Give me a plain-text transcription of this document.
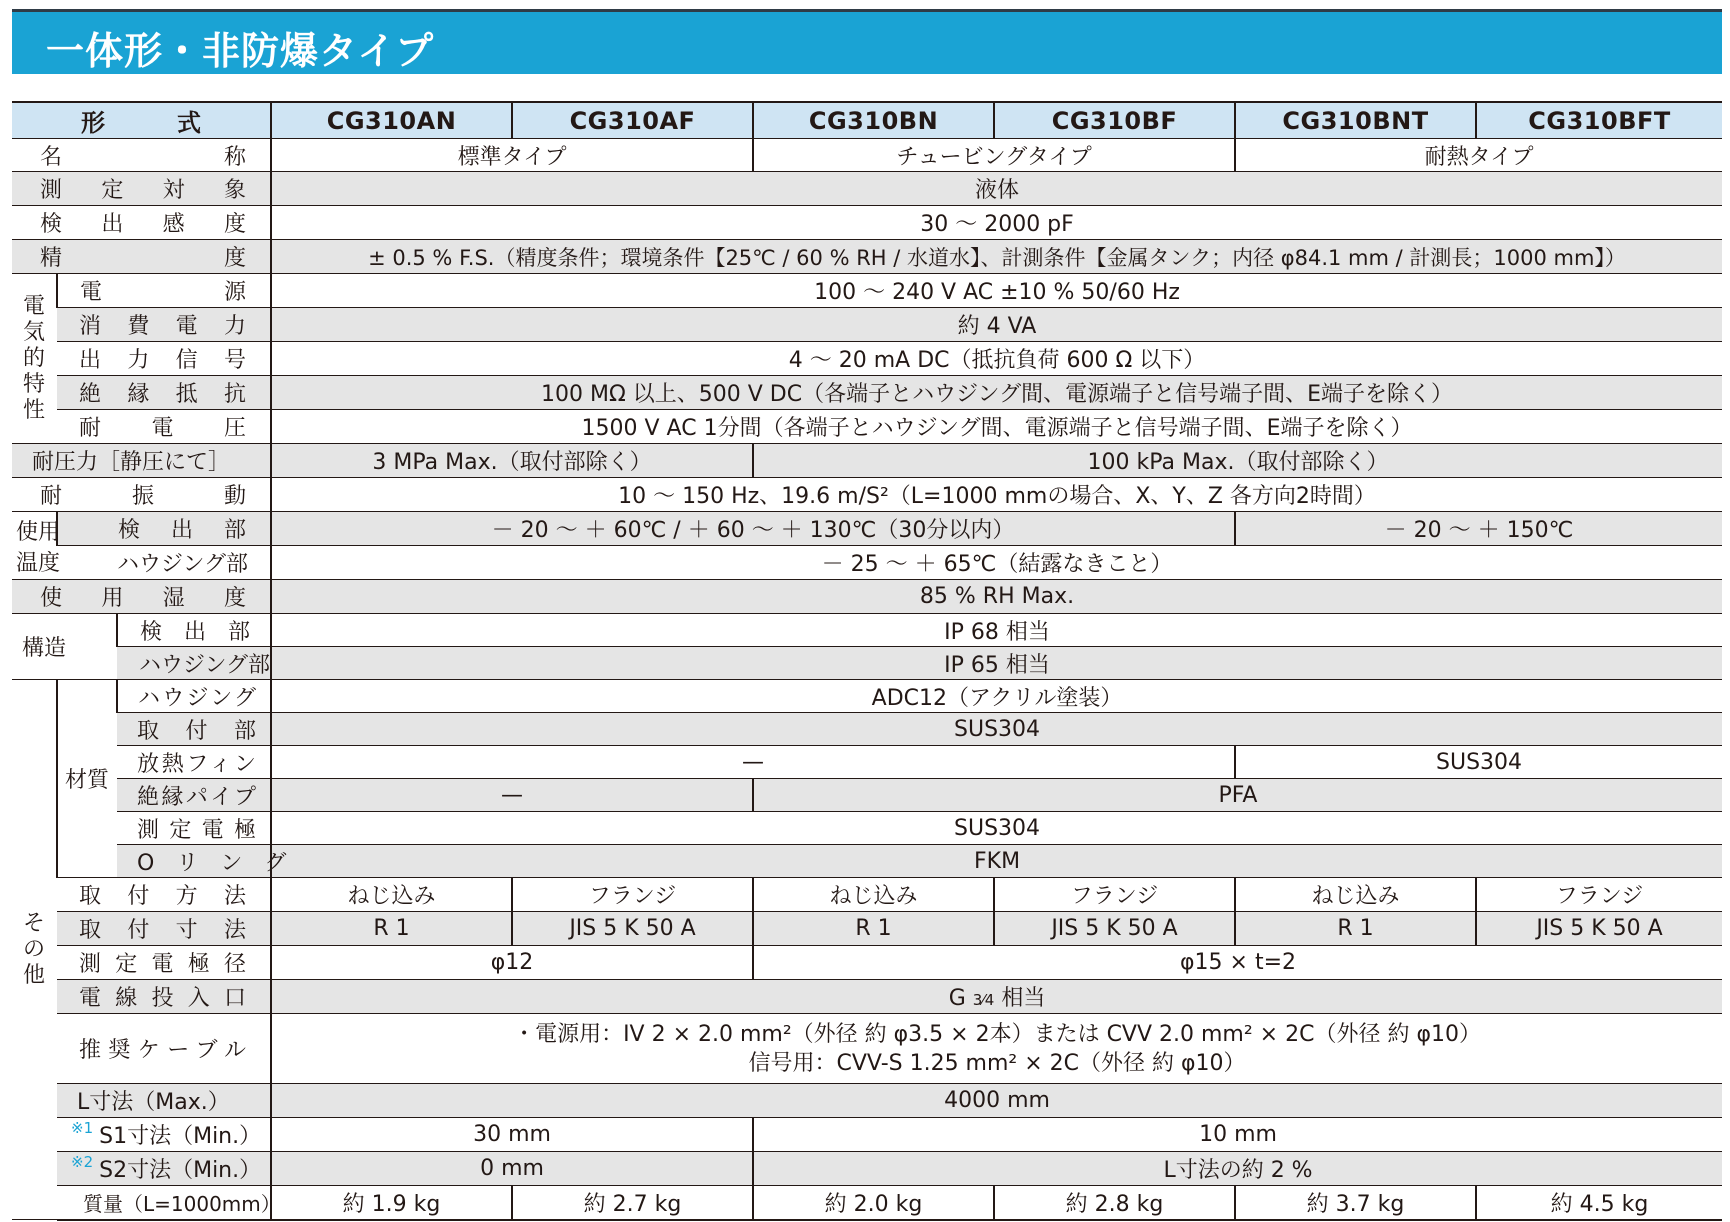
一体形・非防爆タイプ
形　　　式			CG310AN	CG310AF	CG310BN	CG310BF	CG310BNT	CG310BFT
名　　　　称			標準タイプ		チュービングタイプ		耐熱タイプ	
測　定　対　象			液体					
検　出　感　度			30 ～ 2000 pF					
精　　　　度			± 0.5 % F.S.（精度条件；環境条件【25℃ / 60 % RH / 水道水】、計測条件【金属タンク；内径 φ84.1 mm / 計測長；1000 mm】）					
電
気
的
特
性	電　　源		100 ～ 240 V AC ±10 % 50/60 Hz					
	消　費　電　力		約 4 VA					
	出　力　信　号		4 ～ 20 mA DC（抵抗負荷 600 Ω 以下）					
	絶　縁　抵　抗		100 MΩ 以上、500 V DC（各端子とハウジング間、電源端子と信号端子間、E端子を除く）					
	耐　　電　　圧		1500 V AC 1分間（各端子とハウジング間、電源端子と信号端子間、E端子を除く）					
耐圧力［静圧にて］			3 MPa Max.（取付部除く）		100 kPa Max.（取付部除く）			
耐　　　振　　　動			10 ～ 150 Hz、19.6 m/S²（L=1000 mmの場合、X、Y、Z 各方向2時間）					
使用
温度	検　出　部		－ 20 ～ ＋ 60℃ / ＋ 60 ～ ＋ 130℃（30分以内）				－ 20 ～ ＋ 150℃	
	ハウジング部		－ 25 ～ ＋ 65℃（結露なきこと）					
使　用　湿　度			85 % RH Max.					
構造		検　出　部	IP 68 相当					
		ハウジング部	IP 65 相当					
そ
の
他	材質	ハウジング	ADC12（アクリル塗装）					
		取　付　部	SUS304					
		放熱フィン	—				SUS304	
		絶縁パイプ	—		PFA			
		測定電極	SUS304					
		O　リ　ン　グ	FKM					
	取　付　方　法		ねじ込み	フランジ	ねじ込み	フランジ	ねじ込み	フランジ
	取　付　寸　法		R 1	JIS 5 K 50 A	R 1	JIS 5 K 50 A	R 1	JIS 5 K 50 A
	測定電極径		φ12		φ15 × t=2			
	電線投入口		G 3⁄4 相当					
	推奨ケーブル		・電源用：IV 2 × 2.0 mm²（外径 約 φ3.5 × 2本）または CVV 2.0 mm² × 2C（外径 約 φ10）
信号用：CVV-S 1.25 mm² × 2C（外径 約 φ10）					

	L寸法（Max.）		4000 mm					
	$^{※1}$ S1寸法（Min.）		30 mm		10 mm			
	$^{※2}$ S2寸法（Min.）		0 mm		L寸法の約 2 %			
	質量（L=1000mm）		約 1.9 kg	約 2.7 kg	約 2.0 kg	約 2.8 kg	約 3.7 kg	約 4.5 kg
